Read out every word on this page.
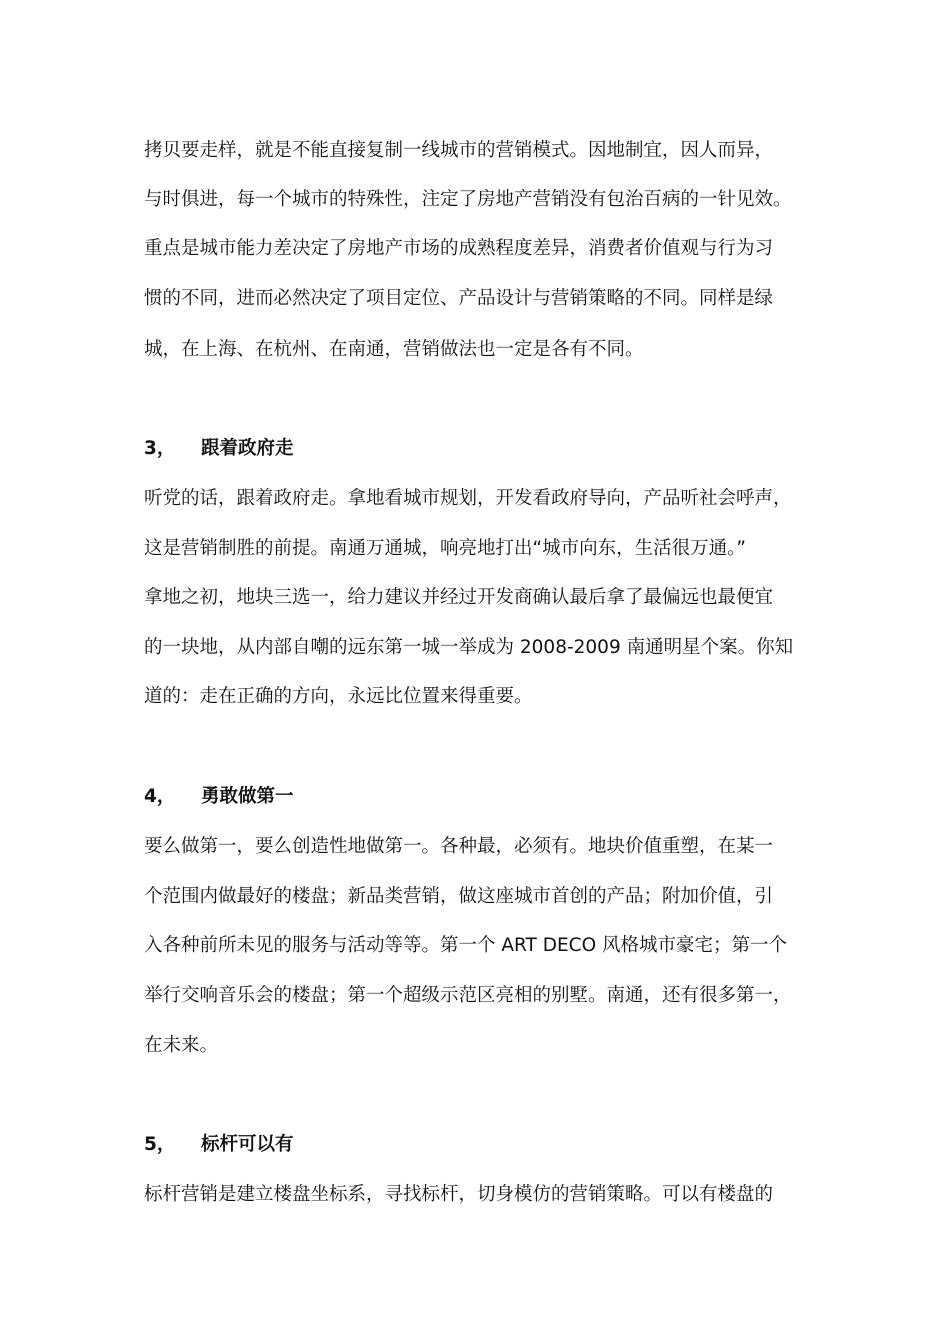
拷贝要走样，就是不能直接复制一线城市的营销模式。因地制宜，因人而异，
与时俱进，每一个城市的特殊性，注定了房地产营销没有包治百病的一针见效。
重点是城市能力差决定了房地产市场的成熟程度差异，消费者价值观与行为习
惯的不同，进而必然决定了项目定位、产品设计与营销策略的不同。同样是绿
城，在上海、在杭州、在南通，营销做法也一定是各有不同。
3， 跟着政府走
听党的话，跟着政府走。拿地看城市规划，开发看政府导向，产品听社会呼声，
这是营销制胜的前提。南通万通城，响亮地打出“城市向东，生活很万通。”
拿地之初，地块三选一，给力建议并经过开发商确认最后拿了最偏远也最便宜
的一块地，从内部自嘲的远东第一城一举成为 2008-2009 南通明星个案。你知
道的：走在正确的方向，永远比位置来得重要。
4， 勇敢做第一
要么做第一，要么创造性地做第一。各种最，必须有。地块价值重塑，在某一
个范围内做最好的楼盘；新品类营销，做这座城市首创的产品；附加价值，引
入各种前所未见的服务与活动等等。第一个 ART DECO 风格城市豪宅；第一个
举行交响音乐会的楼盘；第一个超级示范区亮相的别墅。南通，还有很多第一，
在未来。
5， 标杆可以有
标杆营销是建立楼盘坐标系，寻找标杆，切身模仿的营销策略。可以有楼盘的
